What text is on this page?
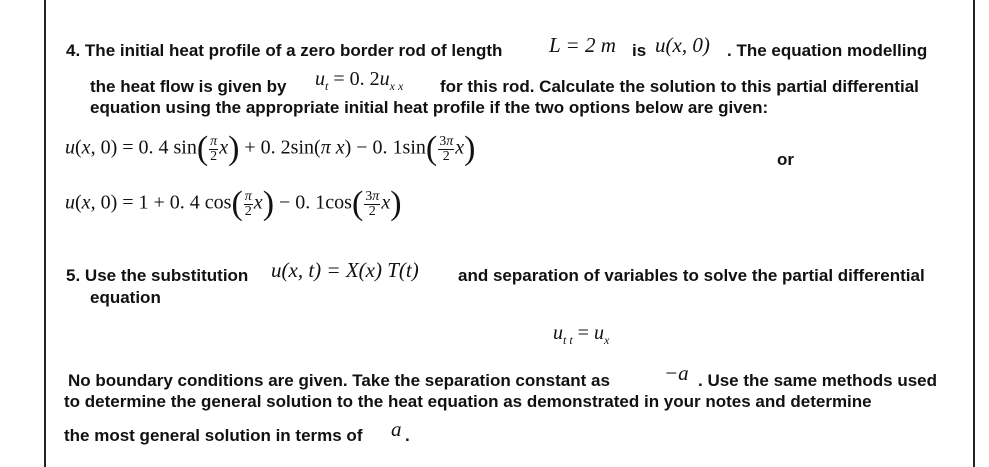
4. The initial heat profile of a zero border rod of length L = 2 m is u(x, 0) . The equation modelling
the heat flow is given by $u_t = 0$. $2u_{x x}$ for this rod. Calculate the solution to this partial differential
equation using the appropriate initial heat profile if the two options below are given:
u(x, 0) = 0. 4 $\sin( \frac{\pi}{2} x) + 0$. 2sin(π x) − 0. $1\sin( \frac{3\pi}{2} x)$	or
u(x, 0) = 1 + 0. 4 $\cos( \frac{\pi}{2} x) - 0$. $1\cos( \frac{3\pi}{2} x)$
5. Use the substitution u(x, t) = X(x) T(t) and separation of variables to solve the partial differential
equation
$u_{t t} = u_x$
No boundary conditions are given. Take the separation constant as	−a . Use the same methods used
to determine the general solution to the heat equation as demonstrated in your notes and determine
the most general solution in terms of a .
